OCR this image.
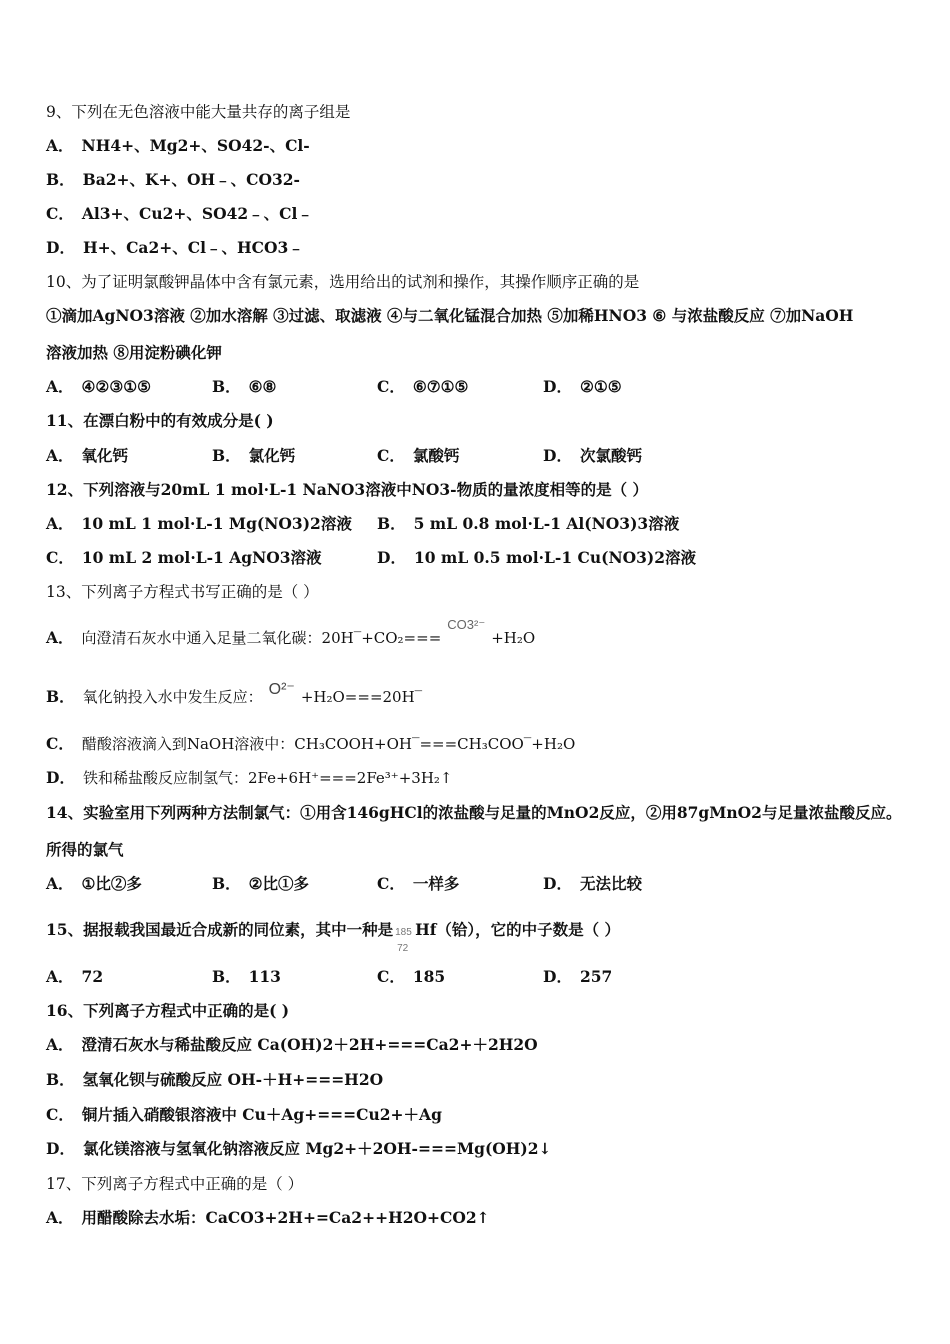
9、下列在无色溶液中能大量共存的离子组是
A． NH4+、Mg2+、SO42-、Cl-
B． Ba2+、K+、OH﹣、CO32-
C． Al3+、Cu2+、SO42﹣、Cl﹣
D． H+、Ca2+、Cl﹣、HCO3﹣
10、为了证明氯酸钾晶体中含有氯元素，选用给出的试剂和操作，其操作顺序正确的是
①滴加AgNO3溶液 ②加水溶解 ③过滤、取滤液 ④与二氧化锰混合加热 ⑤加稀HNO3 ⑥ 与浓盐酸反应 ⑦加NaOH
溶液加热 ⑧用淀粉碘化钾
A． ④②③①⑤	B． ⑥⑧	C． ⑥⑦①⑤	D． ②①⑤
11、在漂白粉中的有效成分是( )
A． 氧化钙	B． 氯化钙	C． 氯酸钙	D． 次氯酸钙
12、下列溶液与20mL 1 mol·L-1 NaNO3溶液中NO3-物质的量浓度相等的是（ ）
A． 10 mL 1 mol·L-1 Mg(NO3)2溶液 B． 5 mL 0.8 mol·L-1 Al(NO3)3溶液
C． 10 mL 2 mol·L-1 AgNO3溶液	D． 10 mL 0.5 mol·L-1 Cu(NO3)2溶液
13、下列离子方程式书写正确的是（ ）
A． 向澄清石灰水中通入足量二氧化碳：20H‾+CO₂===CO3²⁻+H₂O
B． 氧化钠投入水中发生反应： O²⁻ +H₂O===20H‾
C． 醋酸溶液滴入到NaOH溶液中：CH₃COOH+OH‾===CH₃COO‾+H₂O
D． 铁和稀盐酸反应制氢气：2Fe+6H⁺===2Fe³⁺+3H₂↑
14、实验室用下列两种方法制氯气：①用含146gHCl的浓盐酸与足量的MnO2反应，②用87gMnO2与足量浓盐酸反应。
所得的氯气
A． ①比②多	B． ②比①多	C． 一样多	D． 无法比较
15、据报载我国最近合成新的同位素，其中一种是 185
72
Hf（铪），它的中子数是（ ）
A． 72	B． 113	C． 185	D． 257
16、下列离子方程式中正确的是( )
A． 澄清石灰水与稀盐酸反应 Ca(OH)2＋2H+===Ca2+＋2H2O
B． 氢氧化钡与硫酸反应 OH-＋H+===H2O
C． 铜片插入硝酸银溶液中 Cu＋Ag+===Cu2+＋Ag
D． 氯化镁溶液与氢氧化钠溶液反应 Mg2+＋2OH-===Mg(OH)2↓
17、下列离子方程式中正确的是（ ）
A． 用醋酸除去水垢：CaCO3+2H+=Ca2++H2O+CO2↑
